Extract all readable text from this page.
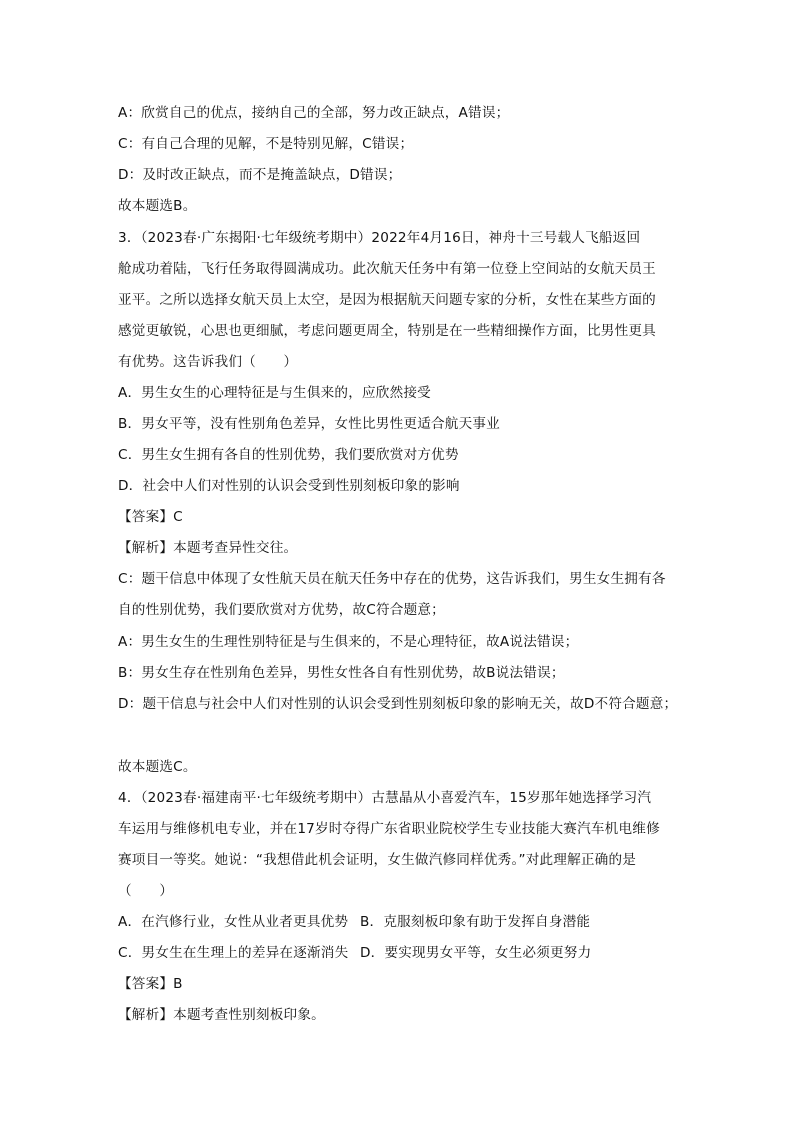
A：欣赏自己的优点，接纳自己的全部，努力改正缺点，A错误；
C：有自己合理的见解，不是特别见解，C错误；
D：及时改正缺点，而不是掩盖缺点，D错误；
故本题选B。
3．（2023春·广东揭阳·七年级统考期中）2022年4月16日，神舟十三号载人飞船返回
舱成功着陆，飞行任务取得圆满成功。此次航天任务中有第一位登上空间站的女航天员王
亚平。之所以选择女航天员上太空，是因为根据航天问题专家的分析，女性在某些方面的
感觉更敏锐，心思也更细腻，考虑问题更周全，特别是在一些精细操作方面，比男性更具
有优势。这告诉我们（　　）
A．男生女生的心理特征是与生俱来的，应欣然接受
B．男女平等，没有性别角色差异，女性比男性更适合航天事业
C．男生女生拥有各自的性别优势，我们要欣赏对方优势
D．社会中人们对性别的认识会受到性别刻板印象的影响
【答案】C
【解析】本题考查异性交往。
C：题干信息中体现了女性航天员在航天任务中存在的优势，这告诉我们，男生女生拥有各
自的性别优势，我们要欣赏对方优势，故C符合题意；
A：男生女生的生理性别特征是与生俱来的，不是心理特征，故A说法错误；
B：男女生存在性别角色差异，男性女性各自有性别优势，故B说法错误；
D：题干信息与社会中人们对性别的认识会受到性别刻板印象的影响无关，故D不符合题意；
故本题选C。
4．（2023春·福建南平·七年级统考期中）古慧晶从小喜爱汽车，15岁那年她选择学习汽
车运用与维修机电专业，并在17岁时夺得广东省职业院校学生专业技能大赛汽车机电维修
赛项目一等奖。她说：“我想借此机会证明，女生做汽修同样优秀。”对此理解正确的是
（　　）
A．在汽修行业，女性从业者更具优势 B．克服刻板印象有助于发挥自身潜能
C．男女生在生理上的差异在逐渐消失 D．要实现男女平等，女生必须更努力
【答案】B
【解析】本题考查性别刻板印象。
